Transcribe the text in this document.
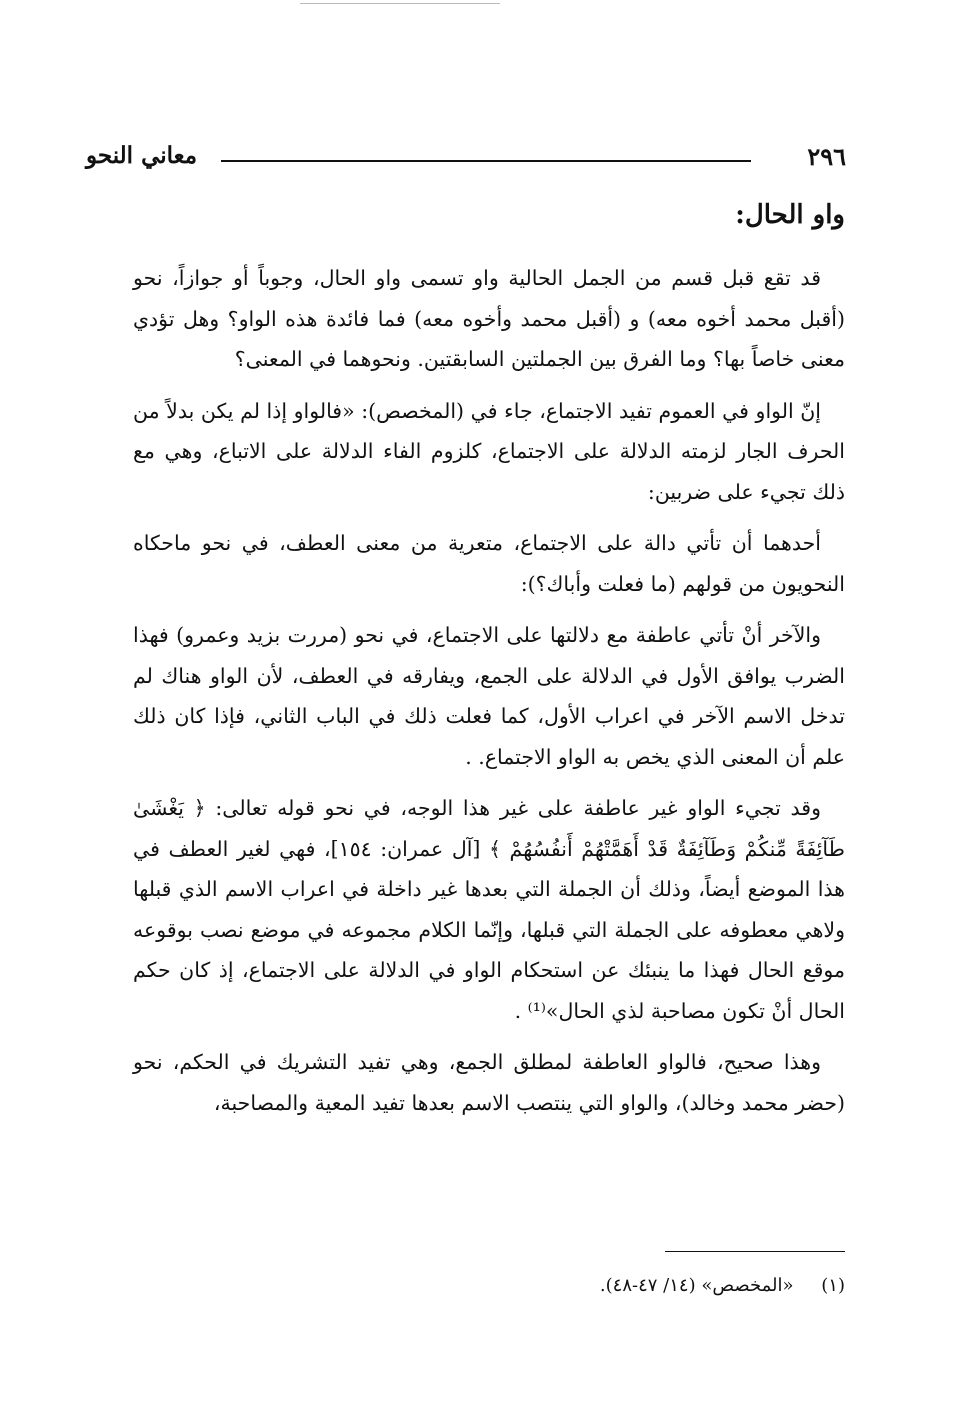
٢٩٦
معاني النحو
واو الحال:

قد تقع قبل قسم من الجمل الحالية واو تسمى واو الحال، وجوباً أو جوازاً، نحو (أقبل محمد أخوه معه) و (أقبل محمد وأخوه معه) فما فائدة هذه الواو؟ وهل تؤدي معنى خاصاً بها؟ وما الفرق بين الجملتين السابقتين. ونحوهما في المعنى؟

إنّ الواو في العموم تفيد الاجتماع، جاء في (المخصص): «فالواو إذا لم يكن بدلاً من الحرف الجار لزمته الدلالة على الاجتماع، كلزوم الفاء الدلالة على الاتباع، وهي مع ذلك تجيء على ضربين:

أحدهما أن تأتي دالة على الاجتماع، متعرية من معنى العطف، في نحو ماحكاه النحويون من قولهم (ما فعلت وأباك؟):

والآخر أنْ تأتي عاطفة مع دلالتها على الاجتماع، في نحو (مررت بزيد وعمرو) فهذا الضرب يوافق الأول في الدلالة على الجمع، ويفارقه في العطف، لأن الواو هناك لم تدخل الاسم الآخر في اعراب الأول، كما فعلت ذلك في الباب الثاني، فإذا كان ذلك علم أن المعنى الذي يخص به الواو الاجتماع. .

وقد تجيء الواو غير عاطفة على غير هذا الوجه، في نحو قوله تعالى: ﴿ يَغْشَىٰ طَآئِفَةً مِّنكُمْ وَطَآئِفَةٌ قَدْ أَهَمَّتْهُمْ أَنفُسُهُمْ ﴾ [آل عمران: ١٥٤]، فهي لغير العطف في هذا الموضع أيضاً، وذلك أن الجملة التي بعدها غير داخلة في اعراب الاسم الذي قبلها ولاهي معطوفه على الجملة التي قبلها، وإنّما الكلام مجموعه في موضع نصب بوقوعه موقع الحال فهذا ما ينبئك عن استحكام الواو في الدلالة على الاجتماع، إذ كان حكم الحال أنْ تكون مصاحبة لذي الحال»⁽¹⁾ .

وهذا صحيح، فالواو العاطفة لمطلق الجمع، وهي تفيد التشريك في الحكم، نحو (حضر محمد وخالد)، والواو التي ينتصب الاسم بعدها تفيد المعية والمصاحبة،

(١) «المخصص» (١٤/ ٤٧-٤٨).
